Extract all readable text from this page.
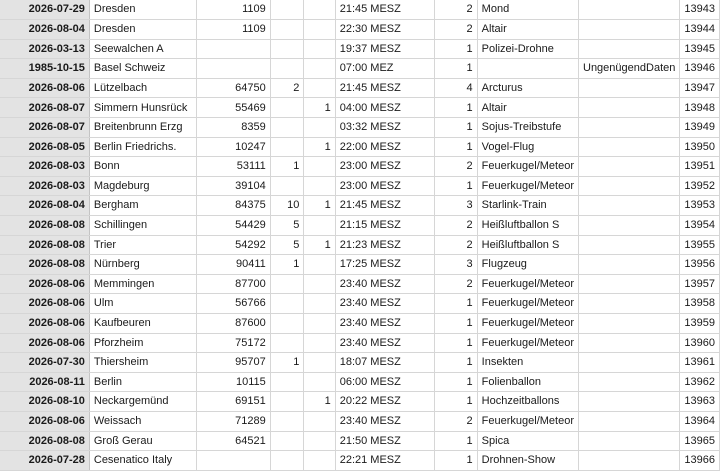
2026-07-29	Dresden	1109			21:45 MESZ	2	Mond		13943
2026-08-04	Dresden	1109			22:30 MESZ	2	Altair		13944
2026-03-13	Seewalchen A				19:37 MESZ	1	Polizei-Drohne		13945
1985-10-15	Basel Schweiz				07:00 MEZ	1		UngenügendDaten	13946
2026-08-06	Lützelbach	64750	2		21:45 MESZ	4	Arcturus		13947
2026-08-07	Simmern Hunsrück	55469		1	04:00 MESZ	1	Altair		13948
2026-08-07	Breitenbrunn Erzg	8359			03:32 MESZ	1	Sojus-Treibstufe		13949
2026-08-05	Berlin Friedrichs.	10247		1	22:00 MESZ	1	Vogel-Flug		13950
2026-08-03	Bonn	53111	1		23:00 MESZ	2	Feuerkugel/Meteor		13951
2026-08-03	Magdeburg	39104			23:00 MESZ	1	Feuerkugel/Meteor		13952
2026-08-04	Bergham	84375	10	1	21:45 MESZ	3	Starlink-Train		13953
2026-08-08	Schillingen	54429	5		21:15 MESZ	2	Heißluftballon S		13954
2026-08-08	Trier	54292	5	1	21:23 MESZ	2	Heißluftballon S		13955
2026-08-08	Nürnberg	90411	1		17:25 MESZ	3	Flugzeug		13956
2026-08-06	Memmingen	87700			23:40 MESZ	2	Feuerkugel/Meteor		13957
2026-08-06	Ulm	56766			23:40 MESZ	1	Feuerkugel/Meteor		13958
2026-08-06	Kaufbeuren	87600			23:40 MESZ	1	Feuerkugel/Meteor		13959
2026-08-06	Pforzheim	75172			23:40 MESZ	1	Feuerkugel/Meteor		13960
2026-07-30	Thiersheim	95707	1		18:07 MESZ	1	Insekten		13961
2026-08-11	Berlin	10115			06:00 MESZ	1	Folienballon		13962
2026-08-10	Neckargemünd	69151		1	20:22 MESZ	1	Hochzeitballons		13963
2026-08-06	Weissach	71289			23:40 MESZ	2	Feuerkugel/Meteor		13964
2026-08-08	Groß Gerau	64521			21:50 MESZ	1	Spica		13965
2026-07-28	Cesenatico Italy				22:21 MESZ	1	Drohnen-Show		13966
